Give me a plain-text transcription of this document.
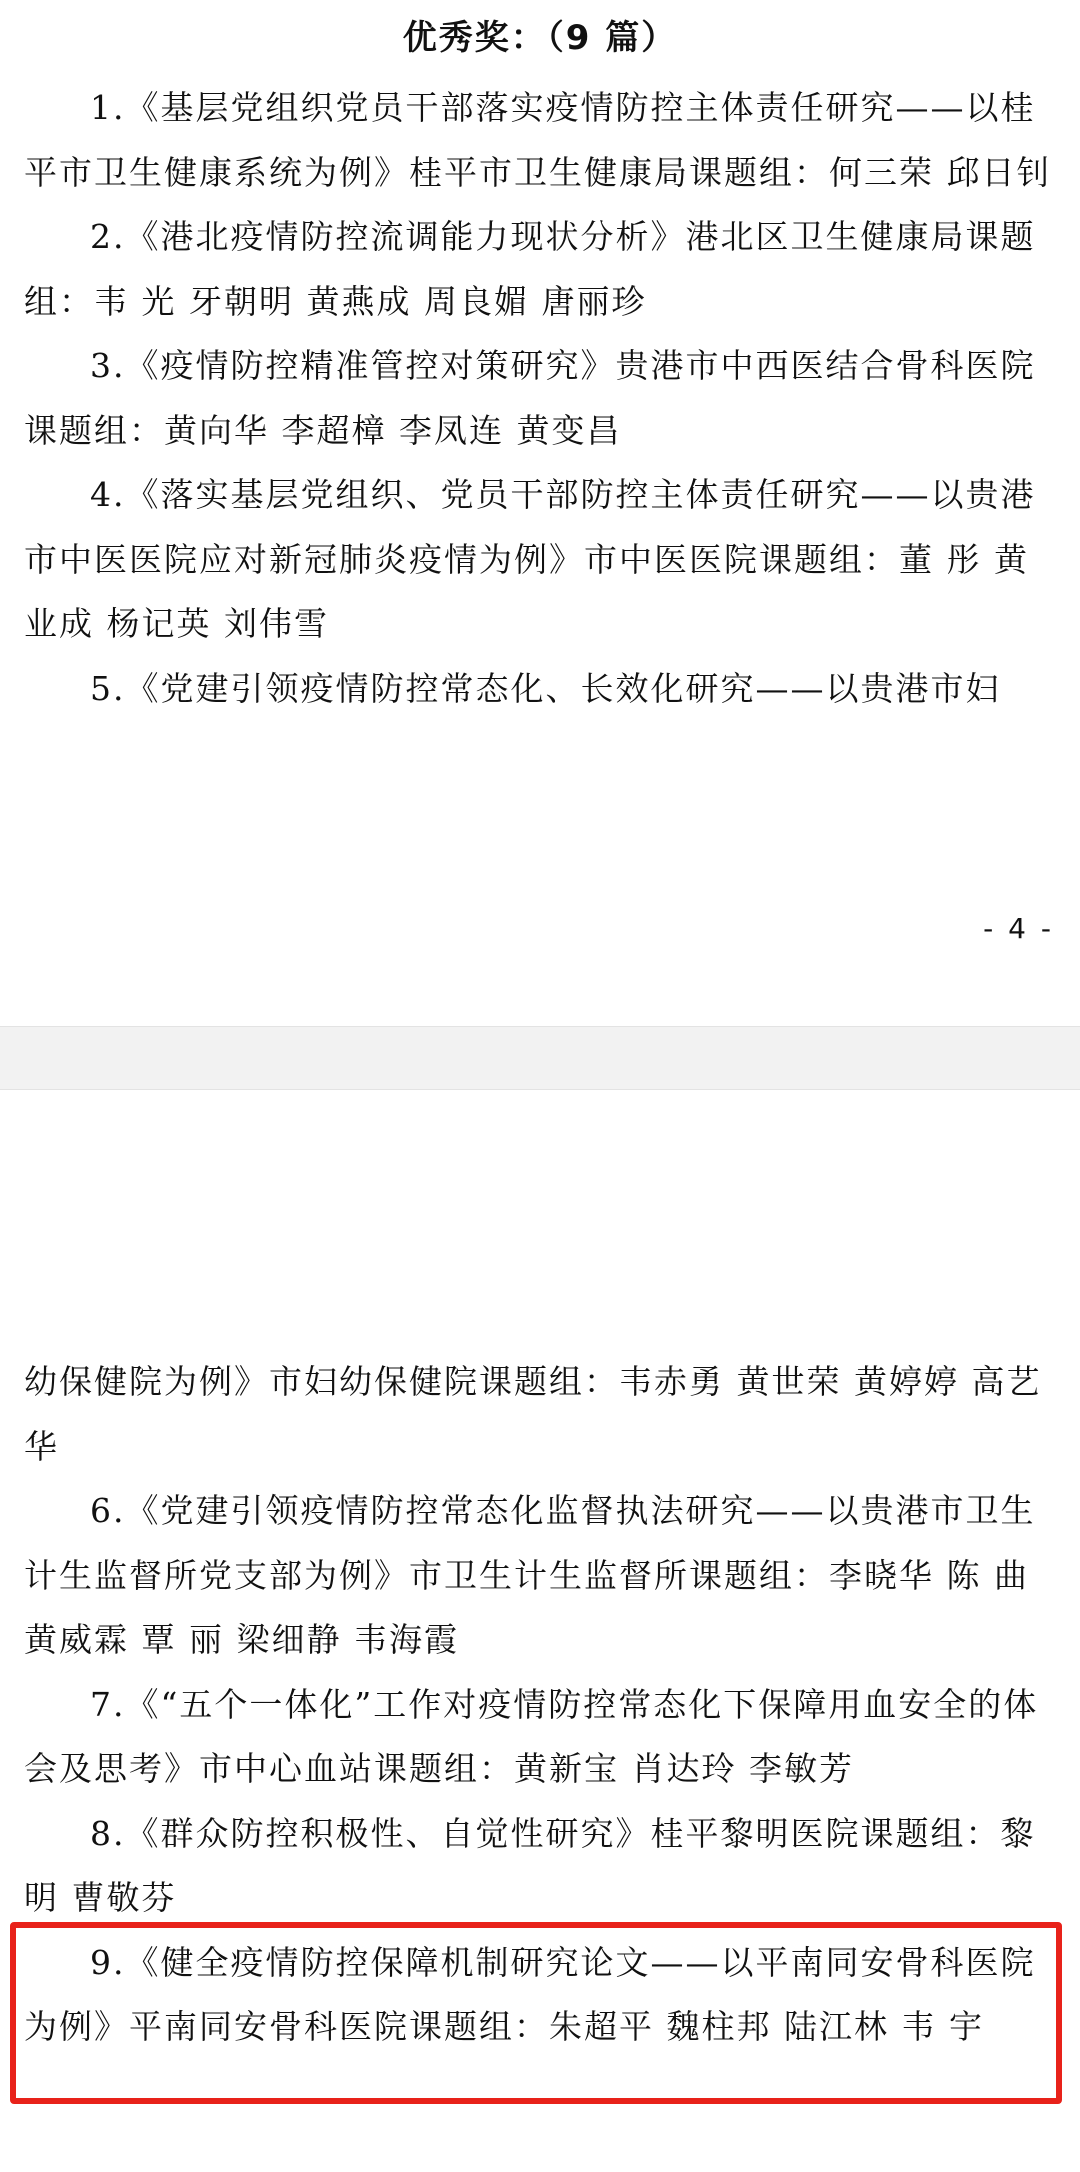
优秀奖：（9 篇）

1.《基层党组织党员干部落实疫情防控主体责任研究——以桂平市卫生健康系统为例》桂平市卫生健康局课题组：何三荣 邱日钊

2.《港北疫情防控流调能力现状分析》港北区卫生健康局课题组：韦 光 牙朝明 黄燕成 周良媚 唐丽珍

3.《疫情防控精准管控对策研究》贵港市中西医结合骨科医院课题组：黄向华 李超樟 李凤连 黄变昌

4.《落实基层党组织、党员干部防控主体责任研究——以贵港市中医医院应对新冠肺炎疫情为例》市中医医院课题组：董 彤 黄业成 杨记英 刘伟雪

5.《党建引领疫情防控常态化、长效化研究——以贵港市妇

- 4 -

幼保健院为例》市妇幼保健院课题组：韦赤勇 黄世荣 黄婷婷 高艺华

6.《党建引领疫情防控常态化监督执法研究——以贵港市卫生计生监督所党支部为例》市卫生计生监督所课题组：李晓华 陈 曲 黄威霖 覃 丽 梁细静 韦海霞

7.《“五个一体化”工作对疫情防控常态化下保障用血安全的体会及思考》市中心血站课题组：黄新宝 肖达玲 李敏芳

8.《群众防控积极性、自觉性研究》桂平黎明医院课题组：黎 明 曹敬芬

9.《健全疫情防控保障机制研究论文——以平南同安骨科医院为例》平南同安骨科医院课题组：朱超平 魏柱邦 陆江林 韦 宇
